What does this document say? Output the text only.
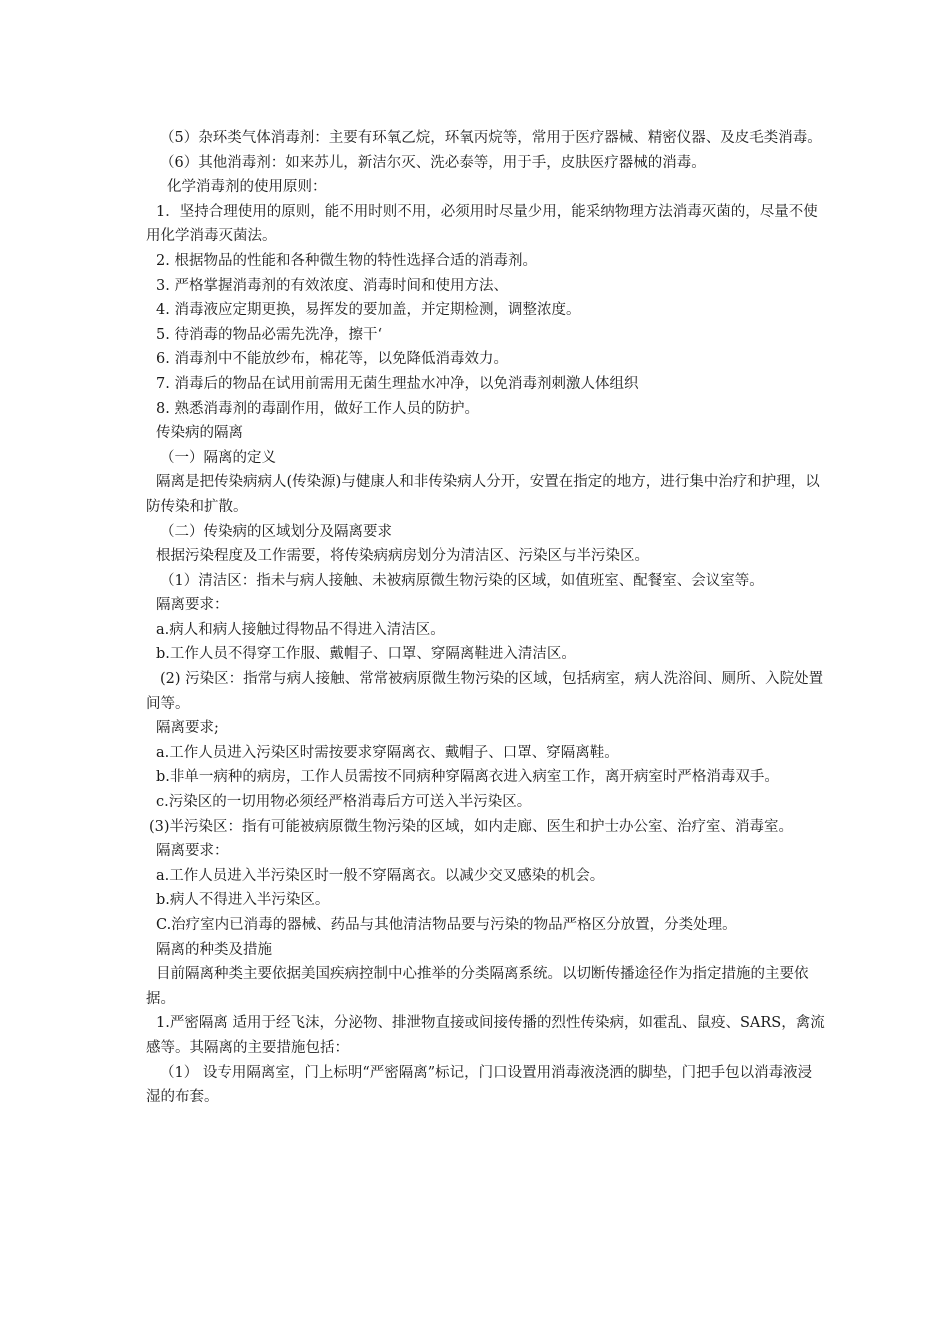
（5）杂环类气体消毒剂：主要有环氧乙烷，环氧丙烷等，常用于医疗器械、精密仪器、及皮毛类消毒。

（6）其他消毒剂：如来苏儿，新洁尔灭、洗必泰等，用于手，皮肤医疗器械的消毒。

化学消毒剂的使用原则：

1．坚持合理使用的原则，能不用时则不用，必须用时尽量少用，能采纳物理方法消毒灭菌的，尽量不使用化学消毒灭菌法。

2. 根据物品的性能和各种微生物的特性选择合适的消毒剂。

3. 严格掌握消毒剂的有效浓度、消毒时间和使用方法、

4. 消毒液应定期更换，易挥发的要加盖，并定期检测，调整浓度。

5. 待消毒的物品必需先洗净，擦干‘

6. 消毒剂中不能放纱布，棉花等，以免降低消毒效力。

7. 消毒后的物品在试用前需用无菌生理盐水冲净，以免消毒剂刺激人体组织

8. 熟悉消毒剂的毒副作用，做好工作人员的防护。

传染病的隔离

（一）隔离的定义

隔离是把传染病病人(传染源)与健康人和非传染病人分开，安置在指定的地方，进行集中治疗和护理，以防传染和扩散。

（二）传染病的区域划分及隔离要求

根据污染程度及工作需要，将传染病病房划分为清洁区、污染区与半污染区。

（1）清洁区：指未与病人接触、未被病原微生物污染的区域，如值班室、配餐室、会议室等。

隔离要求：

a.病人和病人接触过得物品不得进入清洁区。

b.工作人员不得穿工作服、戴帽子、口罩、穿隔离鞋进入清洁区。

(2) 污染区：指常与病人接触、常常被病原微生物污染的区域，包括病室，病人洗浴间、厕所、入院处置间等。

隔离要求;

a.工作人员进入污染区时需按要求穿隔离衣、戴帽子、口罩、穿隔离鞋。

b.非单一病种的病房，工作人员需按不同病种穿隔离衣进入病室工作，离开病室时严格消毒双手。

c.污染区的一切用物必须经严格消毒后方可送入半污染区。

(3)半污染区：指有可能被病原微生物污染的区域，如内走廊、医生和护士办公室、治疗室、消毒室。

隔离要求：

a.工作人员进入半污染区时一般不穿隔离衣。以减少交叉感染的机会。

b.病人不得进入半污染区。

C.治疗室内已消毒的器械、药品与其他清洁物品要与污染的物品严格区分放置，分类处理。

隔离的种类及措施

目前隔离种类主要依据美国疾病控制中心推举的分类隔离系统。以切断传播途径作为指定措施的主要依据。

1.严密隔离 适用于经飞沫，分泌物、排泄物直接或间接传播的烈性传染病，如霍乱、鼠疫、SARS，禽流感等。其隔离的主要措施包括：

（1） 设专用隔离室，门上标明“严密隔离”标记，门口设置用消毒液浇洒的脚垫，门把手包以消毒液浸湿的布套。
